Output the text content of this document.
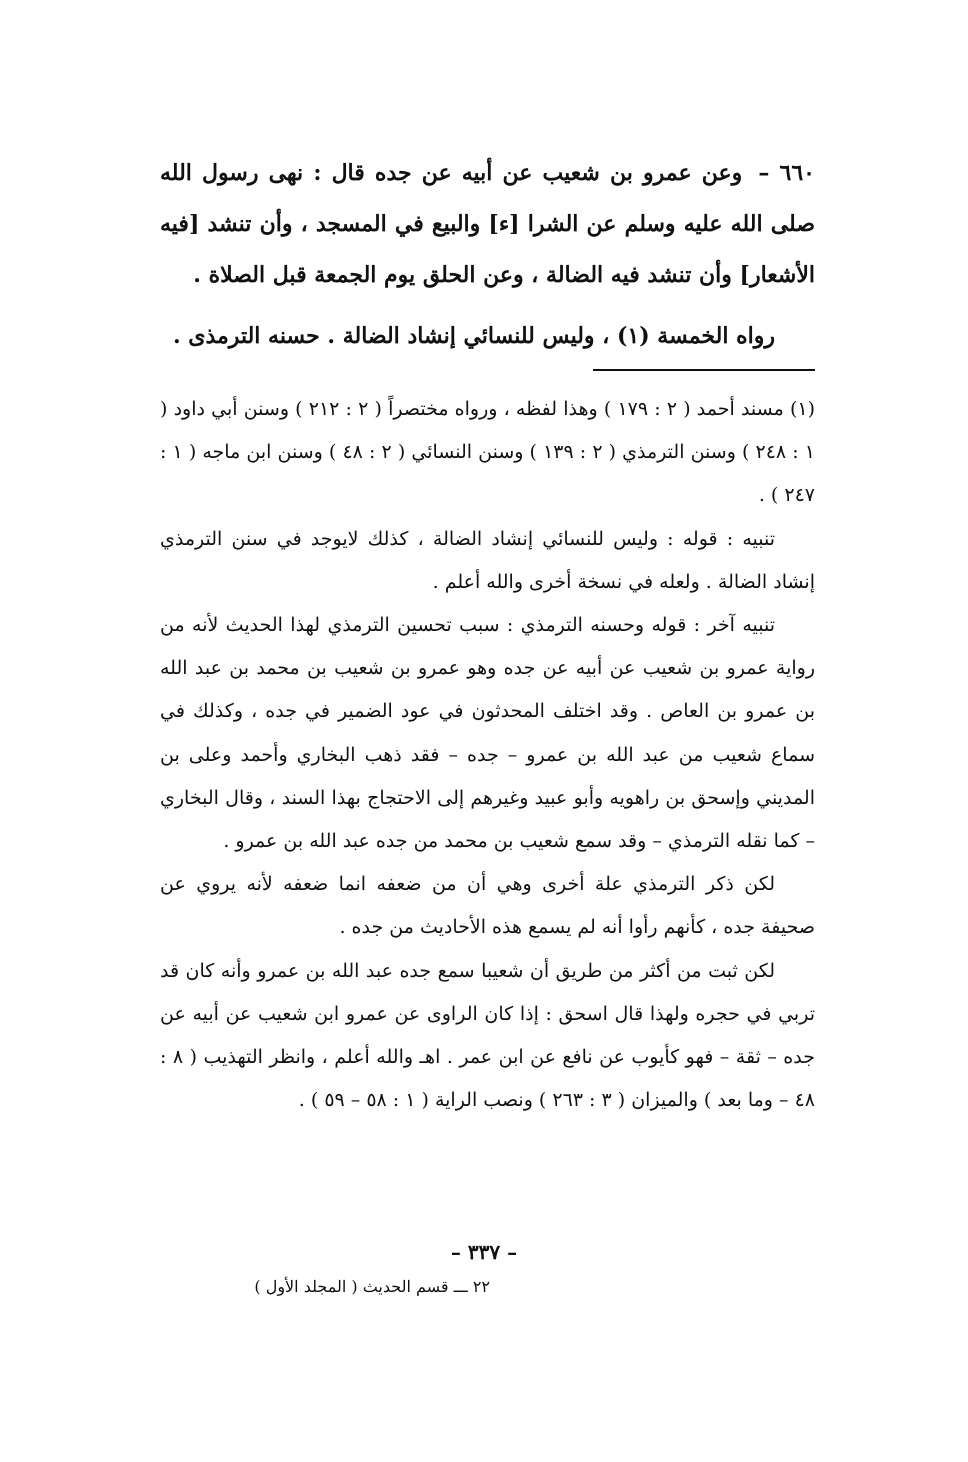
٦٦٠ – وعن عمرو بن شعيب عن أبيه عن جده قال : نهى رسول الله صلى الله عليه وسلم عن الشرا [ء] والبيع في المسجد ، وأن تنشد [فيه الأشعار] وأن تنشد فيه الضالة ، وعن الحلق يوم الجمعة قبل الصلاة .

رواه الخمسة (١) ، وليس للنسائي إنشاد الضالة . حسنه الترمذى .

(١) مسند أحمد ( ٢ : ١٧٩ ) وهذا لفظه ، ورواه مختصراً ( ٢ : ٢١٢ ) وسنن أبي داود ( ١ : ٢٤٨ ) وسنن الترمذي ( ٢ : ١٣٩ ) وسنن النسائي ( ٢ : ٤٨ ) وسنن ابن ماجه ( ١ : ٢٤٧ ) .

تنبيه : قوله : وليس للنسائي إنشاد الضالة ، كذلك لايوجد في سنن الترمذي إنشاد الضالة . ولعله في نسخة أخرى والله أعلم .

تنبيه آخر : قوله وحسنه الترمذي : سبب تحسين الترمذي لهذا الحديث لأنه من رواية عمرو بن شعيب عن أبيه عن جده وهو عمرو بن شعيب بن محمد بن عبد الله بن عمرو بن العاص . وقد اختلف المحدثون في عود الضمير في جده ، وكذلك في سماع شعيب من عبد الله بن عمرو – جده – فقد ذهب البخاري وأحمد وعلى بن المديني وإسحق بن راهويه وأبو عبيد وغيرهم إلى الاحتجاج بهذا السند ، وقال البخاري – كما نقله الترمذي – وقد سمع شعيب بن محمد من جده عبد الله بن عمرو .

لكن ذكر الترمذي علة أخرى وهي أن من ضعفه انما ضعفه لأنه يروي عن صحيفة جده ، كأنهم رأوا أنه لم يسمع هذه الأحاديث من جده .

لكن ثبت من أكثر من طريق أن شعيبا سمع جده عبد الله بن عمرو وأنه كان قد تربي في حجره ولهذا قال اسحق : إذا كان الراوى عن عمرو ابن شعيب عن أبيه عن جده – ثقة – فهو كأيوب عن نافع عن ابن عمر . اهـ والله أعلم ، وانظر التهذيب ( ٨ : ٤٨ – وما بعد ) والميزان ( ٣ : ٢٦٣ ) ونصب الراية ( ١ : ٥٨ – ٥٩ ) .

– ٣٣٧ –
٢٢ ـــ قسم الحديث ( المجلد الأول )
